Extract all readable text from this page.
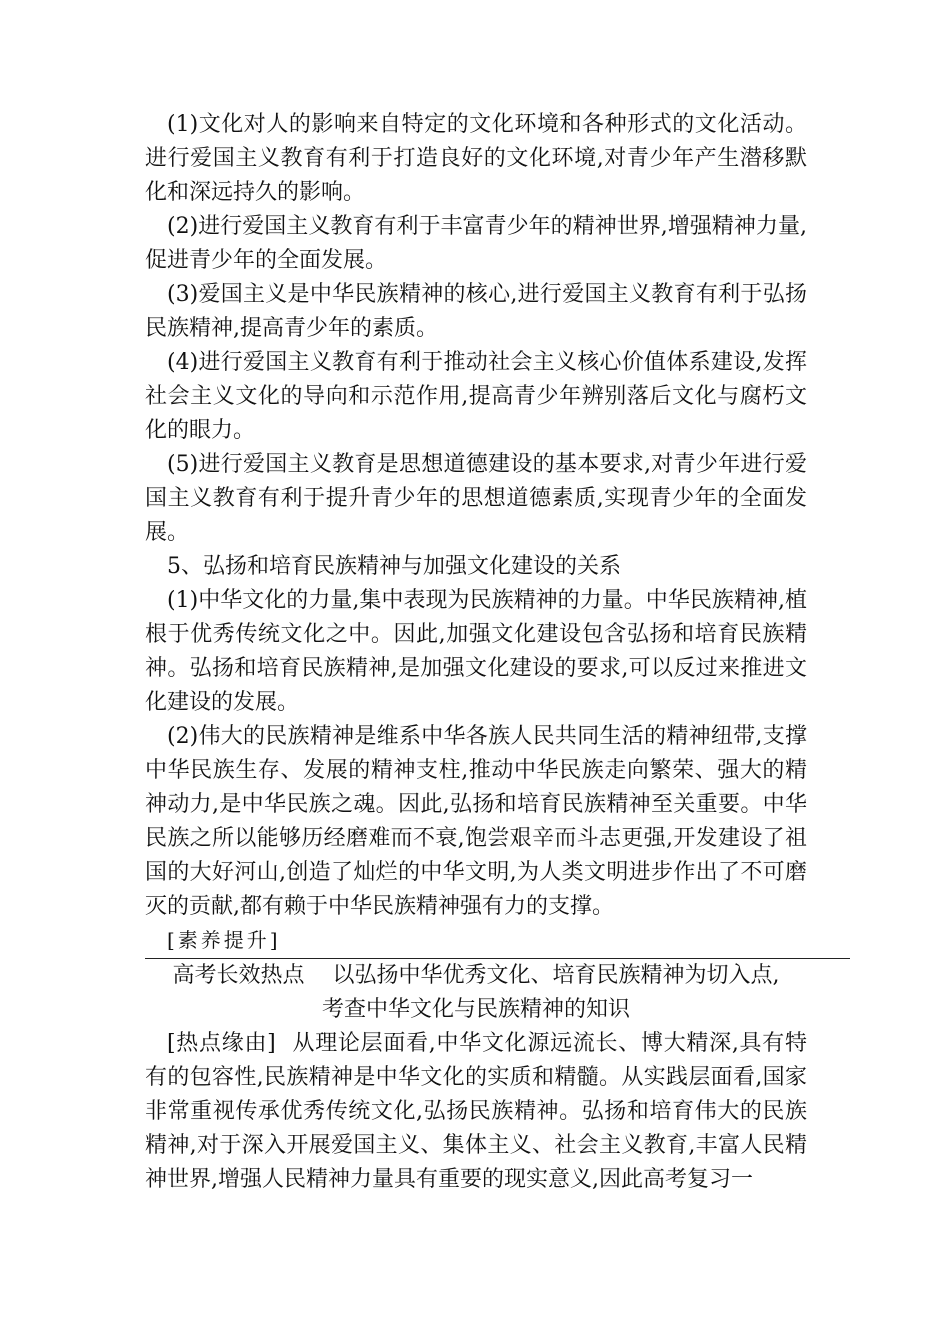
(1)文化对人的影响来自特定的文化环境和各种形式的文化活动。进行爱国主义教育有利于打造良好的文化环境,对青少年产生潜移默化和深远持久的影响。

(2)进行爱国主义教育有利于丰富青少年的精神世界,增强精神力量,促进青少年的全面发展。

(3)爱国主义是中华民族精神的核心,进行爱国主义教育有利于弘扬民族精神,提高青少年的素质。

(4)进行爱国主义教育有利于推动社会主义核心价值体系建设,发挥社会主义文化的导向和示范作用,提高青少年辨别落后文化与腐朽文化的眼力。

(5)进行爱国主义教育是思想道德建设的基本要求,对青少年进行爱国主义教育有利于提升青少年的思想道德素质,实现青少年的全面发展。

5、弘扬和培育民族精神与加强文化建设的关系

(1)中华文化的力量,集中表现为民族精神的力量。中华民族精神,植根于优秀传统文化之中。因此,加强文化建设包含弘扬和培育民族精神。弘扬和培育民族精神,是加强文化建设的要求,可以反过来推进文化建设的发展。

(2)伟大的民族精神是维系中华各族人民共同生活的精神纽带,支撑中华民族生存、发展的精神支柱,推动中华民族走向繁荣、强大的精神动力,是中华民族之魂。因此,弘扬和培育民族精神至关重要。中华民族之所以能够历经磨难而不衰,饱尝艰辛而斗志更强,开发建设了祖国的大好河山,创造了灿烂的中华文明,为人类文明进步作出了不可磨灭的贡献,都有赖于中华民族精神强有力的支撑。

[素养提升]

高考长效热点 以弘扬中华优秀文化、培育民族精神为切入点,

考查中华文化与民族精神的知识

[热点缘由] 从理论层面看,中华文化源远流长、博大精深,具有特有的包容性,民族精神是中华文化的实质和精髓。从实践层面看,国家非常重视传承优秀传统文化,弘扬民族精神。弘扬和培育伟大的民族精神,对于深入开展爱国主义、集体主义、社会主义教育,丰富人民精神世界,增强人民精神力量具有重要的现实意义,因此高考复习一
